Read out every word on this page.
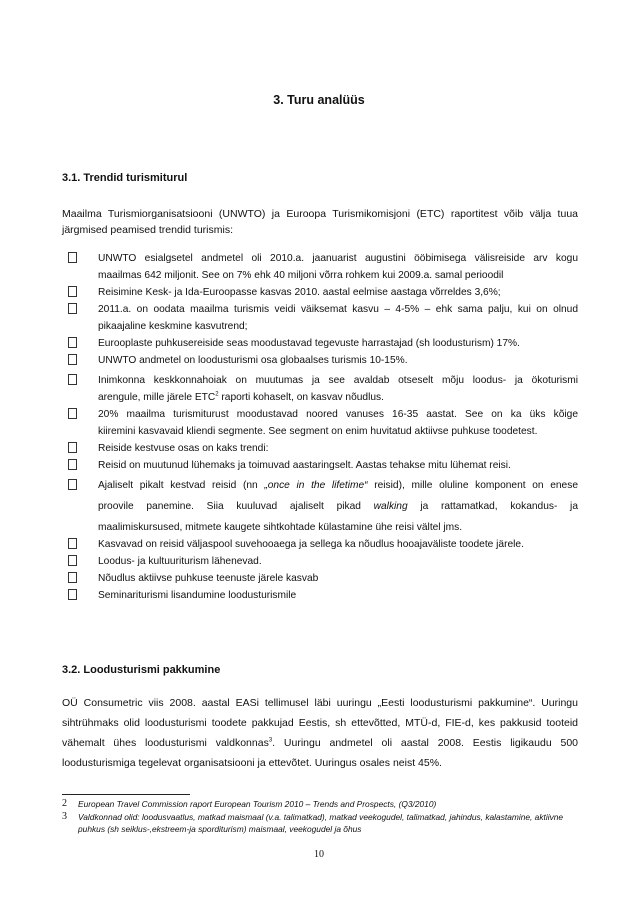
3. Turu analüüs
3.1. Trendid turismiturul
Maailma Turismiorganisatsiooni (UNWTO) ja Euroopa Turismikomisjoni (ETC) raportitest võib välja tuua
järgmised peamised trendid turismis:
UNWTO esialgsetel andmetel oli 2010.a. jaanuarist augustini ööbimisega välisreiside arv kogu
maailmas 642 miljonit. See on 7% ehk 40 miljoni võrra rohkem kui 2009.a. samal perioodil
Reisimine Kesk- ja Ida-Euroopasse kasvas 2010. aastal eelmise aastaga võrreldes 3,6%;
2011.a. on oodata maailma turismis veidi väiksemat kasvu – 4-5% – ehk sama palju, kui on olnud
pikaajaline keskmine kasvutrend;
Eurooplaste puhkusereiside seas moodustavad tegevuste harrastajad (sh loodusturism) 17%.
UNWTO andmetel on loodusturismi osa globaalses turismis 10-15%.
Inimkonna keskkonnahoiak on muutumas ja see avaldab otseselt mõju loodus- ja ökoturismi
arengule, mille järele ETC$^2$ raporti kohaselt, on kasvav nõudlus.
20% maailma turismiturust moodustavad noored vanuses 16-35 aastat. See on ka üks kõige
kiiremini kasvavaid kliendi segmente. See segment on enim huvitatud aktiivse puhkuse toodetest.
Reiside kestvuse osas on kaks trendi:
Reisid on muutunud lühemaks ja toimuvad aastaringselt. Aastas tehakse mitu lühemat reisi.
Ajaliselt pikalt kestvad reisid (nn „once in the lifetime“ reisid), mille oluline komponent on enese
proovile panemine. Siia kuuluvad ajaliselt pikad walking ja rattamatkad, kokandus- ja
maalimiskursused, mitmete kaugete sihtkohtade külastamine ühe reisi vältel jms.
Kasvavad on reisid väljaspool suvehooaega ja sellega ka nõudlus hooajaväliste toodete järele.
Loodus- ja kultuuriturism lähenevad.
Nõudlus aktiivse puhkuse teenuste järele kasvab
Seminariturismi lisandumine loodusturismile
3.2. Loodusturismi pakkumine
OÜ Consumetric viis 2008. aastal EASi tellimusel läbi uuringu „Eesti loodusturismi pakkumine“. Uuringu
sihtrühmaks olid loodusturismi toodete pakkujad Eestis, sh ettevõtted, MTÜ-d, FIE-d, kes pakkusid tooteid
vähemalt ühes loodusturismi valdkonnas$^3$. Uuringu andmetel oli aastal 2008. Eestis ligikaudu 500
loodusturismiga tegelevat organisatsiooni ja ettevõtet. Uuringus osales neist 45%.
2 European Travel Commission raport European Tourism 2010 – Trends and Prospects, (Q3/2010)
3 Valdkonnad olid: loodusvaatlus, matkad maismaal (v.a. talimatkad), matkad veekogudel, talimatkad, jahindus, kalastamine, aktiivne
puhkus (sh seiklus-,ekstreem-ja sporditurism) maismaal, veekogudel ja õhus
10
